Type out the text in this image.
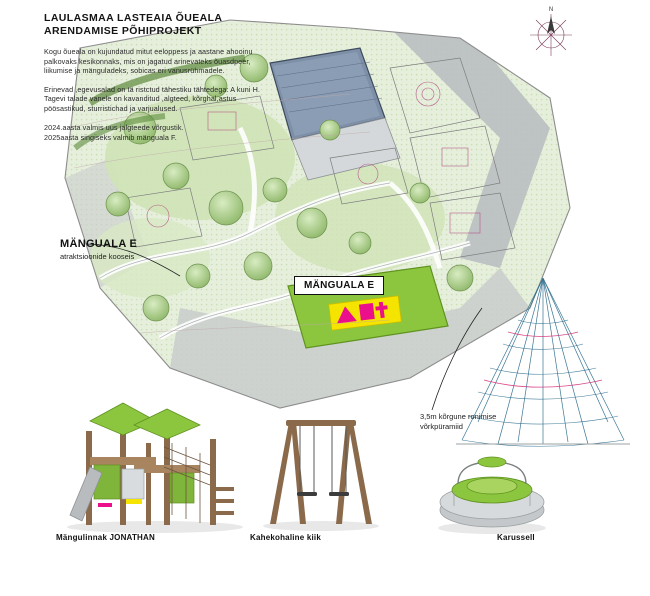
N
LAULASMAA LASTEAIA ÕUEALA
ARENDAMISE PÕHIPROJEKT
Kogu õueala on kujundatud mitut eeloppess ja aastane ahooinu palkovaks kesikonnaks, mis on jagatud arinevateks õuasdpeer, liikumise ja mänguladeks, sobicas eri vanusrühmadele.
Erinevad ,egevusalad on tä ristctud tähestiku tähtedega: A kuni H. Tagevi talade vanele on kavanditud ,algteed, kõrghal,astus pöösastikud, sturristichad ja varjualused.
2024.aasta valmis uus jalgteede võrgustik.
2025aasta singiseks valmib mänguala F.
MÄNGUALA E
atraktsioonide kooseis
MÄNGUALA E
3,5m kõrgune ronimise
võrkpüramiid
Mängulinnak JONATHAN	Kahekohaline kiik	Karussell
